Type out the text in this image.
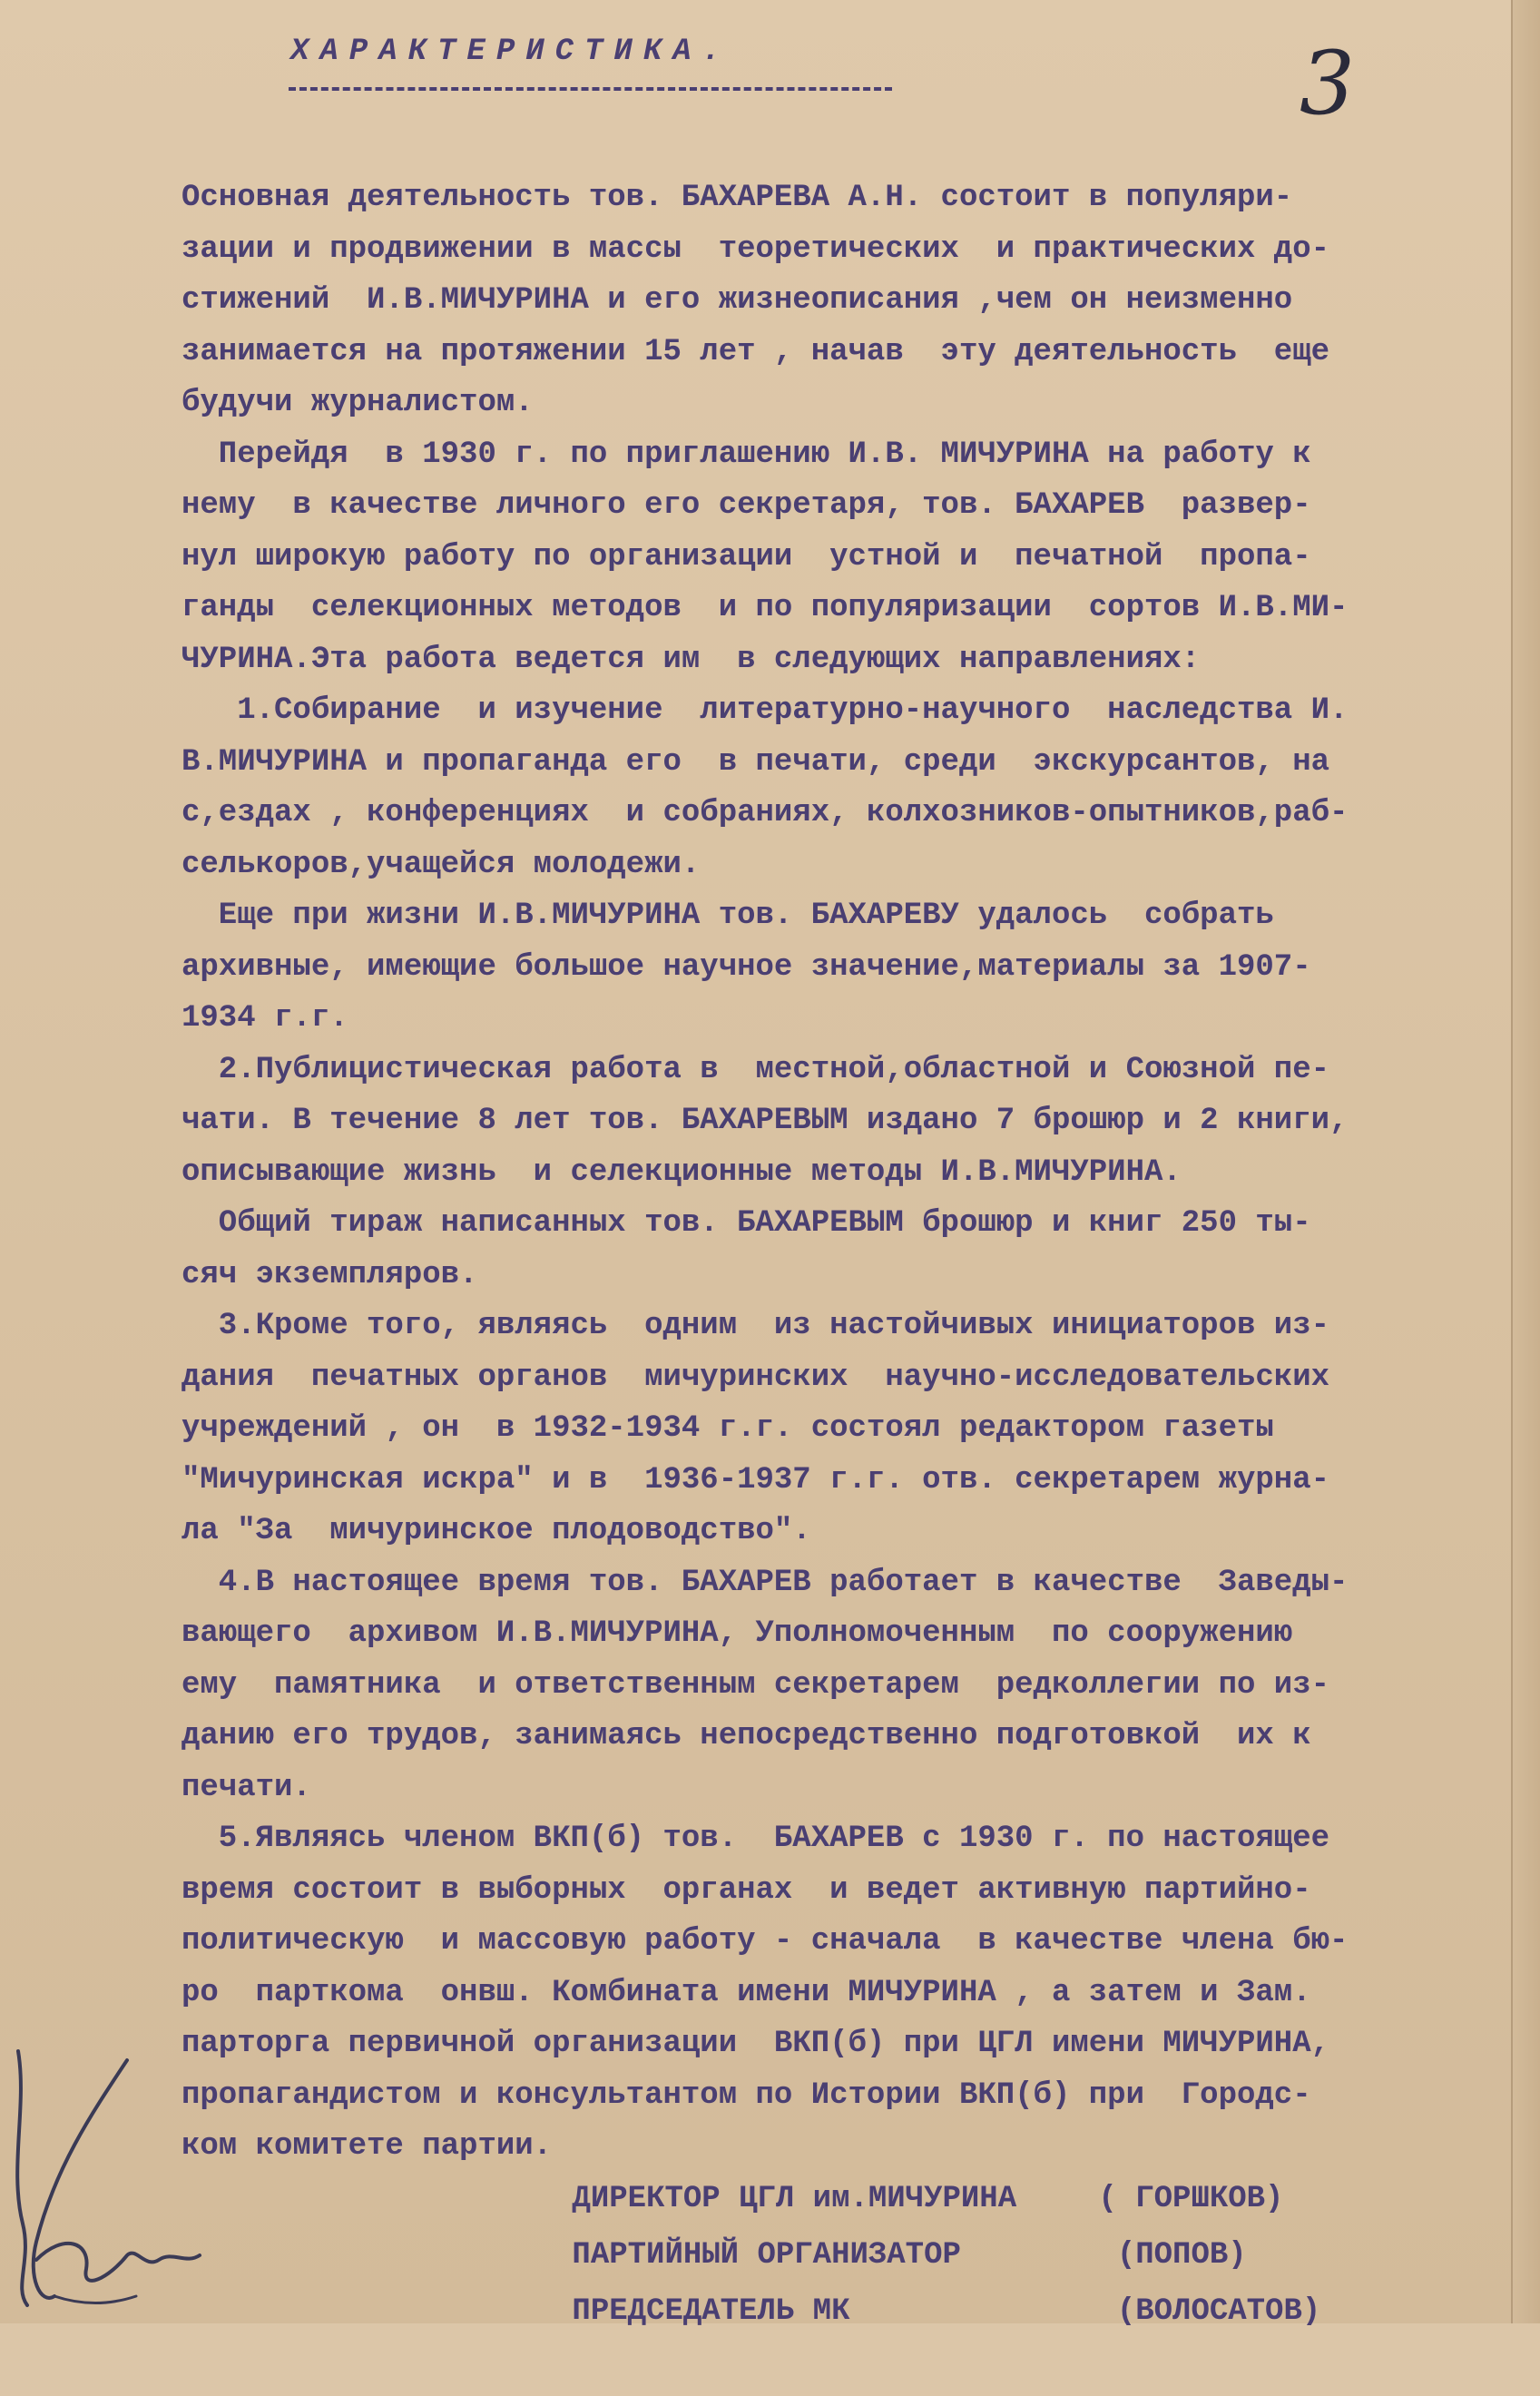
ХАРАКТЕРИСТИКА.	3
Основная деятельность тов. БАХАРЕВА А.Н. состоит в популяри-
зации и продвижении в массы  теоретических  и практических до-
стижений  И.В.МИЧУРИНА и его жизнеописания ,чем он неизменно
занимается на протяжении 15 лет , начав  эту деятельность  еще
будучи журналистом.
Перейдя  в 1930 г. по приглашению И.В. МИЧУРИНА на работу к
нему  в качестве личного его секретаря, тов. БАХАРЕВ  развер-
нул широкую работу по организации  устной и  печатной  пропа-
ганды  селекционных методов  и по популяризации  сортов И.В.МИ-
ЧУРИНА.Эта работа ведется им  в следующих направлениях:
1.Собирание  и изучение  литературно-научного  наследства И.
В.МИЧУРИНА и пропаганда его  в печати, среди  экскурсантов, на
с,ездах , конференциях  и собраниях, колхозников-опытников,раб-
селькоров,учащейся молодежи.
Еще при жизни И.В.МИЧУРИНА тов. БАХАРЕВУ удалось  собрать
архивные, имеющие большое научное значение,материалы за 1907-
1934 г.г.
2.Публицистическая работа в  местной,областной и Союзной пе-
чати. В течение 8 лет тов. БАХАРЕВЫМ издано 7 брошюр и 2 книги,
описывающие жизнь  и селекционные методы И.В.МИЧУРИНА.
Общий тираж написанных тов. БАХАРЕВЫМ брошюр и книг 250 ты-
сяч экземпляров.
3.Кроме того, являясь  одним  из настойчивых инициаторов из-
дания  печатных органов  мичуринских  научно-исследовательских
учреждений , он  в 1932-1934 г.г. состоял редактором газеты
"Мичуринская искра" и в  1936-1937 г.г. отв. секретарем журна-
ла "За  мичуринское плодоводство".
4.В настоящее время тов. БАХАРЕВ работает в качестве  Заведы-
вающего  архивом И.В.МИЧУРИНА, Уполномоченным  по сооружению
ему  памятника  и ответственным секретарем  редколлегии по из-
данию его трудов, занимаясь непосредственно подготовкой  их к
печати.
5.Являясь членом ВКП(б) тов.  БАХАРЕВ с 1930 г. по настоящее
время состоит в выборных  органах  и ведет активную партийно-
политическую  и массовую работу - сначала  в качестве члена бю-
ро  парткома  онвш. Комбината имени МИЧУРИНА , а затем и Зам.
парторга первичной организации  ВКП(б) при ЦГЛ имени МИЧУРИНА,
пропагандистом и консультантом по Истории ВКП(б) при  Городс-
ком комитете партии.

ДИРЕКТОР ЦГЛ им.МИЧУРИНА	( ГОРШКОВ)

ПАРТИЙНЫЙ ОРГАНИЗАТОР	(ПОПОВ)

ПРЕДСЕДАТЕЛЬ МК	(ВОЛОСАТОВ)
